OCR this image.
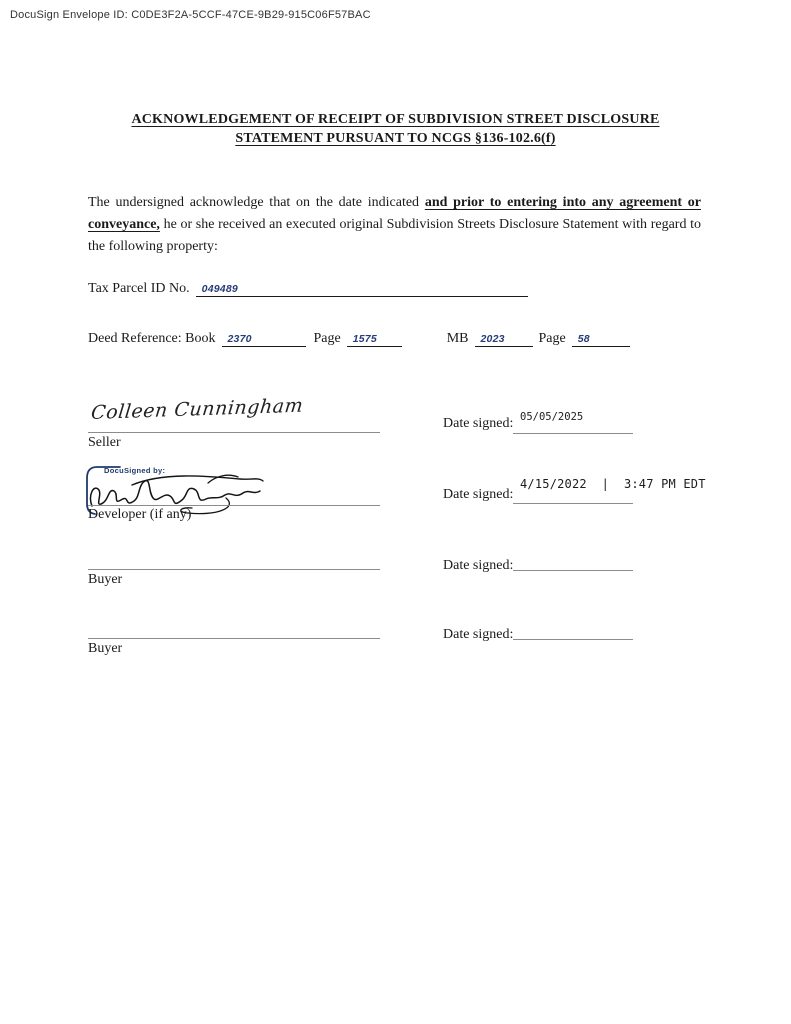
DocuSign Envelope ID: C0DE3F2A-5CCF-47CE-9B29-915C06F57BAC
ACKNOWLEDGEMENT OF RECEIPT OF SUBDIVISION STREET DISCLOSURE
STATEMENT PURSUANT TO NCGS §136-102.6(f)

The undersigned acknowledge that on the date indicated and prior to entering into any agreement or conveyance, he or she received an executed original Subdivision Streets Disclosure Statement with regard to the following property:

Tax Parcel ID No. 049489
Deed Reference: Book 2370	Page 1575	MB 2023 Page 58
Colleen Cunningham
Seller
05/05/2025
Date signed:
DocuSigned by:
Developer (if any)
4/15/2022  |  3:47 PM EDT
Date signed:
Buyer
Date signed:
Buyer
Date signed:
